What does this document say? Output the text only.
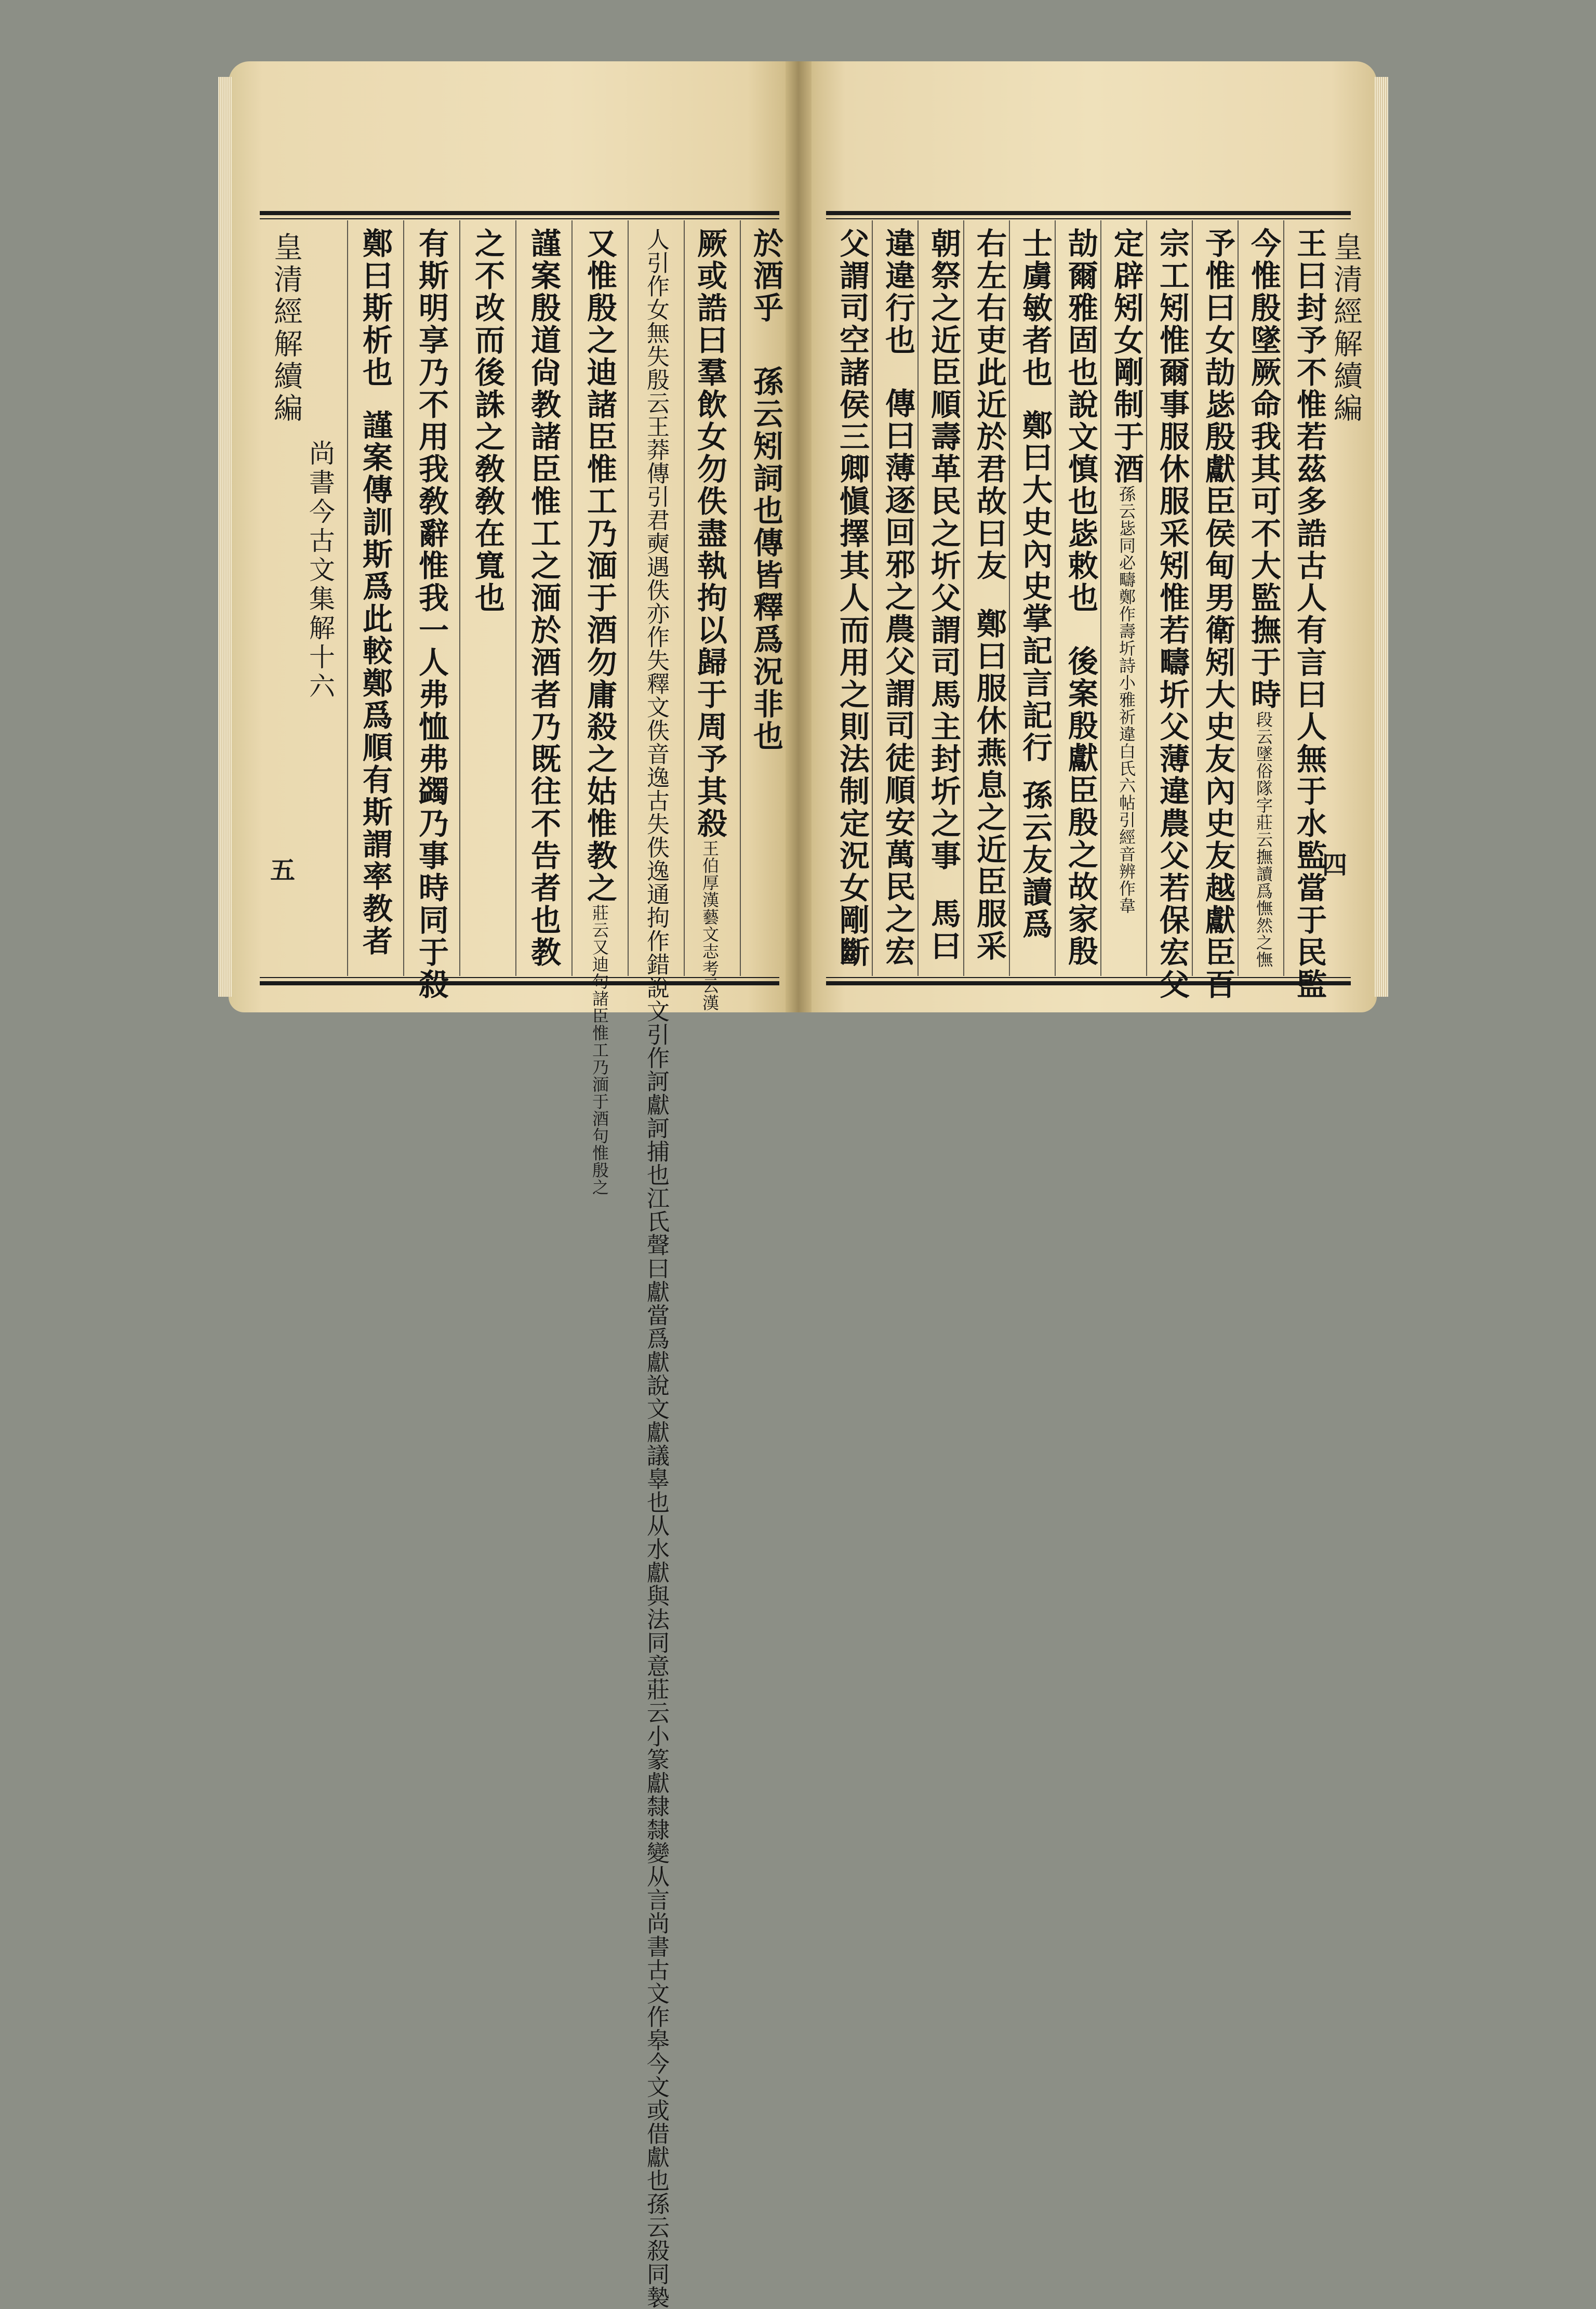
皇清經解續編
尚書今古文集解十六
五
於酒乎孫云矧詞也傳皆釋爲況非也
厥或誥曰羣飲女勿佚盡執拘以歸于周予其殺王伯厚漢藝文志考云漢
人引作女無失殷云王莽傳引君奭遇佚亦作失釋文佚音逸古失佚逸通拘作錯說文引作訶獻訶捕也江氏聲曰獻當爲獻說文獻議辠也从水獻與法同意莊云小篆獻隸隸變从言尚書古文作皋今文或借獻也孫云殺同褺
又惟殷之迪諸臣惟工乃湎于酒勿庸殺之姑惟教之莊云又迪句諸臣惟工乃湎于酒句惟殷之
謹案殷道尙教諸臣惟工之湎於酒者乃既往不告者也教
之不改而後誅之敎敎在寬也
有斯明享乃不用我敎辭惟我一人弗恤弗蠲乃事時同于殺
鄭曰斯析也謹案傳訓斯爲此較鄭爲順有斯謂率教者
皇清經解續編
四
王曰封予不惟若茲多誥古人有言曰人無于水監當于民監
今惟殷墜厥命我其可不大監撫于時段云墜俗隊字莊云撫讀爲憮然之憮
予惟曰女劼毖殷獻臣侯甸男衛矧大史友內史友越獻臣百
宗工矧惟爾事服休服采矧惟若疇圻父薄違農父若保宏父
定辟矧女剛制于酒孫云毖同必疇鄭作壽圻詩小雅祈違白氏六帖引經音辨作韋
劼爾雅固也說文慎也毖敕也後案殷獻臣殷之故家殷
士虜敏者也鄭曰大史內史掌記言記行孫云友讀爲
右左右吏此近於君故曰友鄭曰服休燕息之近臣服采
朝祭之近臣順壽革民之圻父謂司馬主封圻之事馬曰
違違行也傳曰薄逐回邪之農父謂司徒順安萬民之宏
父謂司空諸侯三卿愼擇其人而用之則法制定況女剛斷
